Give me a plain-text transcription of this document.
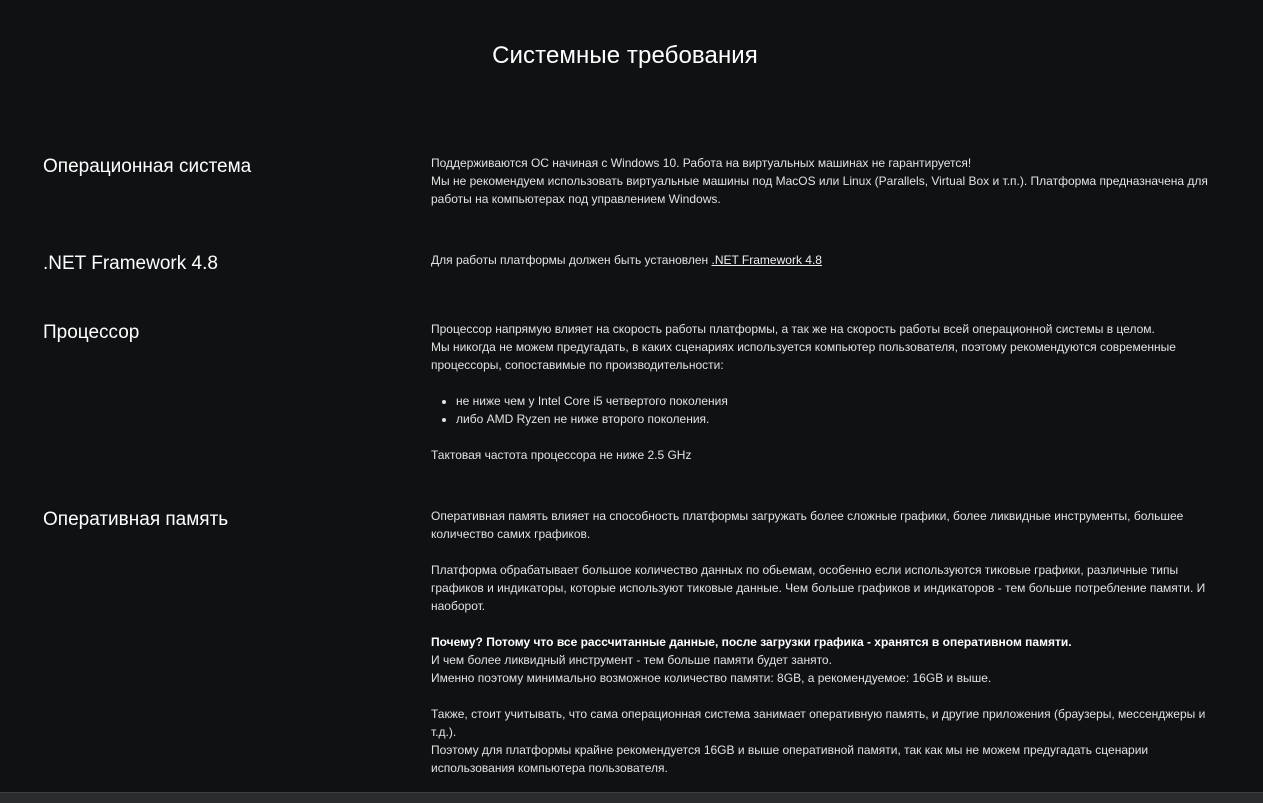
Системные требования
Операционная система	Поддерживаются ОС начиная с Windows 10. Работа на виртуальных машинах не гарантируется!

Мы не рекомендуем использовать виртуальные машины под MacOS или Linux (Parallels, Virtual Box и т.п.). Платформа предназначена для работы на компьютерах под управлением Windows.

.NET Framework 4.8	Для работы платформы должен быть установлен .NET Framework 4.8

Процессор	Процессор напрямую влияет на скорость работы платформы, а так же на скорость работы всей операционной системы в целом.

Мы никогда не можем предугадать, в каких сценариях используется компьютер пользователя, поэтому рекомендуются современные процессоры, сопоставимые по производительности:

• не ниже чем у Intel Core i5 четвертого поколения
• либо AMD Ryzen не ниже второго поколения.

Тактовая частота процессора не ниже 2.5 GHz

Оперативная память	Оперативная память влияет на способность платформы загружать более сложные графики, более ликвидные инструменты, большее количество самих графиков.

Платформа обрабатывает большое количество данных по обьемам, особенно если используются тиковые графики, различные типы графиков и индикаторы, которые используют тиковые данные. Чем больше графиков и индикаторов - тем больше потребление памяти. И наоборот.

Почему? Потому что все рассчитанные данные, после загрузки графика - хранятся в оперативном памяти.

И чем более ликвидный инструмент - тем больше памяти будет занято.

Именно поэтому минимально возможное количество памяти: 8GB, а рекомендуемое: 16GB и выше.

Также, стоит учитывать, что сама операционная система занимает оперативную память, и другие приложения (браузеры, мессенджеры и т.д.).

Поэтому для платформы крайне рекомендуется 16GB и выше оперативной памяти, так как мы не можем предугадать сценарии использования компьютера пользователя.
